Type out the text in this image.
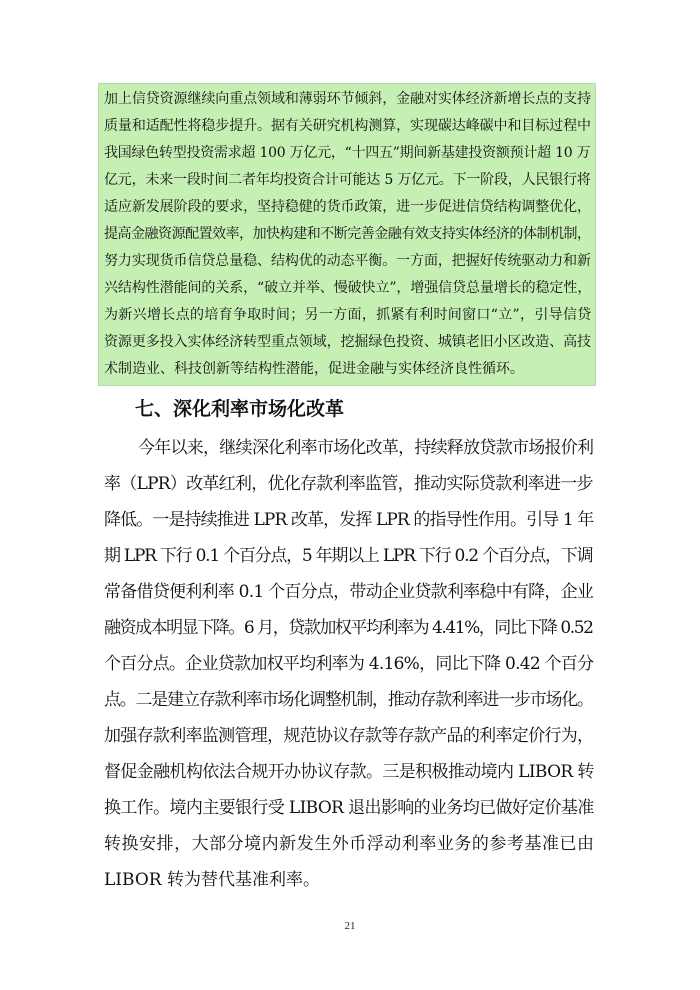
加上信贷资源继续向重点领域和薄弱环节倾斜，金融对实体经济新增长点的支持
质量和适配性将稳步提升。据有关研究机构测算，实现碳达峰碳中和目标过程中
我国绿色转型投资需求超 100 万亿元，“十四五”期间新基建投资额预计超 10 万
亿元，未来一段时间二者年均投资合计可能达 5 万亿元。下一阶段，人民银行将
适应新发展阶段的要求，坚持稳健的货币政策，进一步促进信贷结构调整优化，
提高金融资源配置效率，加快构建和不断完善金融有效支持实体经济的体制机制，
努力实现货币信贷总量稳、结构优的动态平衡。一方面，把握好传统驱动力和新
兴结构性潜能间的关系，“破立并举、慢破快立”，增强信贷总量增长的稳定性，
为新兴增长点的培育争取时间；另一方面，抓紧有利时间窗口“立”，引导信贷
资源更多投入实体经济转型重点领域，挖掘绿色投资、城镇老旧小区改造、高技
术制造业、科技创新等结构性潜能，促进金融与实体经济良性循环。
七、深化利率市场化改革
今年以来，继续深化利率市场化改革，持续释放贷款市场报价利
率（LPR）改革红利，优化存款利率监管，推动实际贷款利率进一步
降低。一是持续推进 LPR 改革，发挥 LPR 的指导性作用。引导 1 年
期 LPR 下行 0.1 个百分点，5 年期以上 LPR 下行 0.2 个百分点，下调
常备借贷便利利率 0.1 个百分点，带动企业贷款利率稳中有降，企业
融资成本明显下降。6 月，贷款加权平均利率为 4.41%，同比下降 0.52
个百分点。企业贷款加权平均利率为 4.16%，同比下降 0.42 个百分
点。二是建立存款利率市场化调整机制，推动存款利率进一步市场化。
加强存款利率监测管理，规范协议存款等存款产品的利率定价行为，
督促金融机构依法合规开办协议存款。三是积极推动境内 LIBOR 转
换工作。境内主要银行受 LIBOR 退出影响的业务均已做好定价基准
转换安排，大部分境内新发生外币浮动利率业务的参考基准已由
LIBOR 转为替代基准利率。
21
